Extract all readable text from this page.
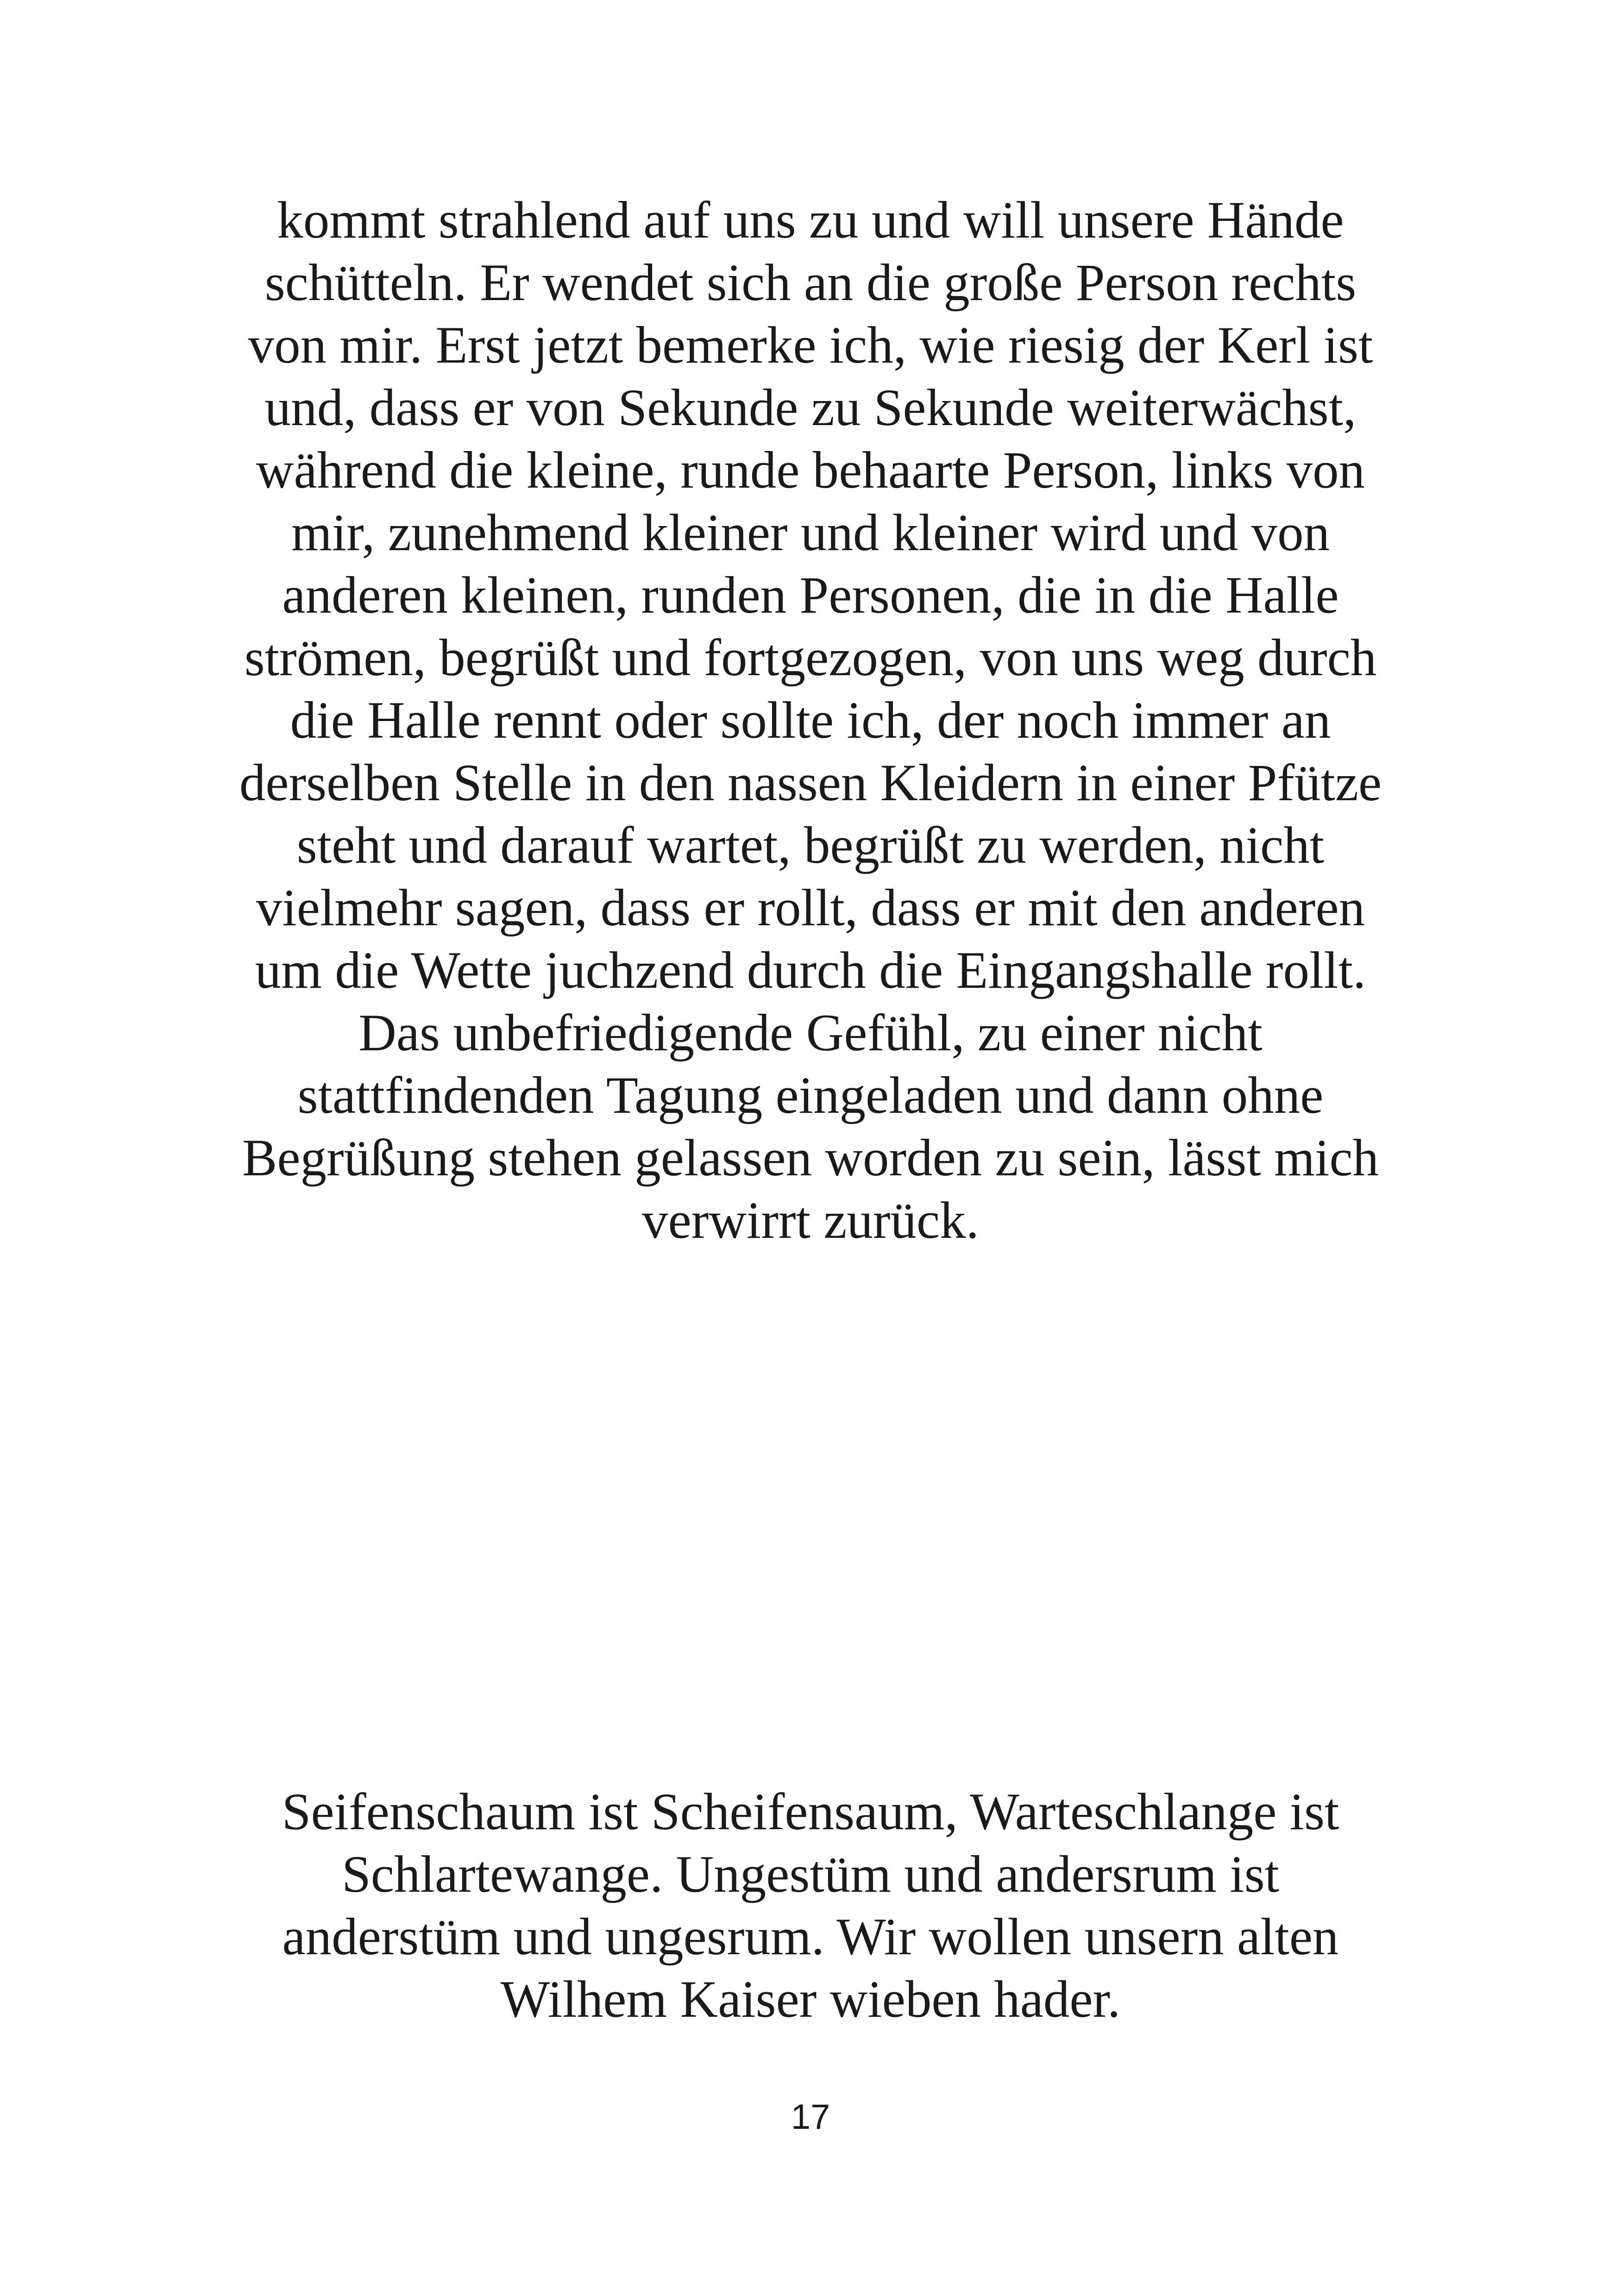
kommt strahlend auf uns zu und will unsere Hände
schütteln. Er wendet sich an die große Person rechts
von mir. Erst jetzt bemerke ich, wie riesig der Kerl ist
und, dass er von Sekunde zu Sekunde weiterwächst,
während die kleine, runde behaarte Person, links von
mir, zunehmend kleiner und kleiner wird und von
anderen kleinen, runden Personen, die in die Halle
strömen, begrüßt und fortgezogen, von uns weg durch
die Halle rennt oder sollte ich, der noch immer an
derselben Stelle in den nassen Kleidern in einer Pfütze
steht und darauf wartet, begrüßt zu werden, nicht
vielmehr sagen, dass er rollt, dass er mit den anderen
um die Wette juchzend durch die Eingangshalle rollt.
Das unbefriedigende Gefühl, zu einer nicht
stattfindenden Tagung eingeladen und dann ohne
Begrüßung stehen gelassen worden zu sein, lässt mich
verwirrt zurück.
Seifenschaum ist Scheifensaum, Warteschlange ist
Schlartewange. Ungestüm und andersrum ist
anderstüm und ungesrum. Wir wollen unsern alten
Wilhem Kaiser wieben hader.
17
